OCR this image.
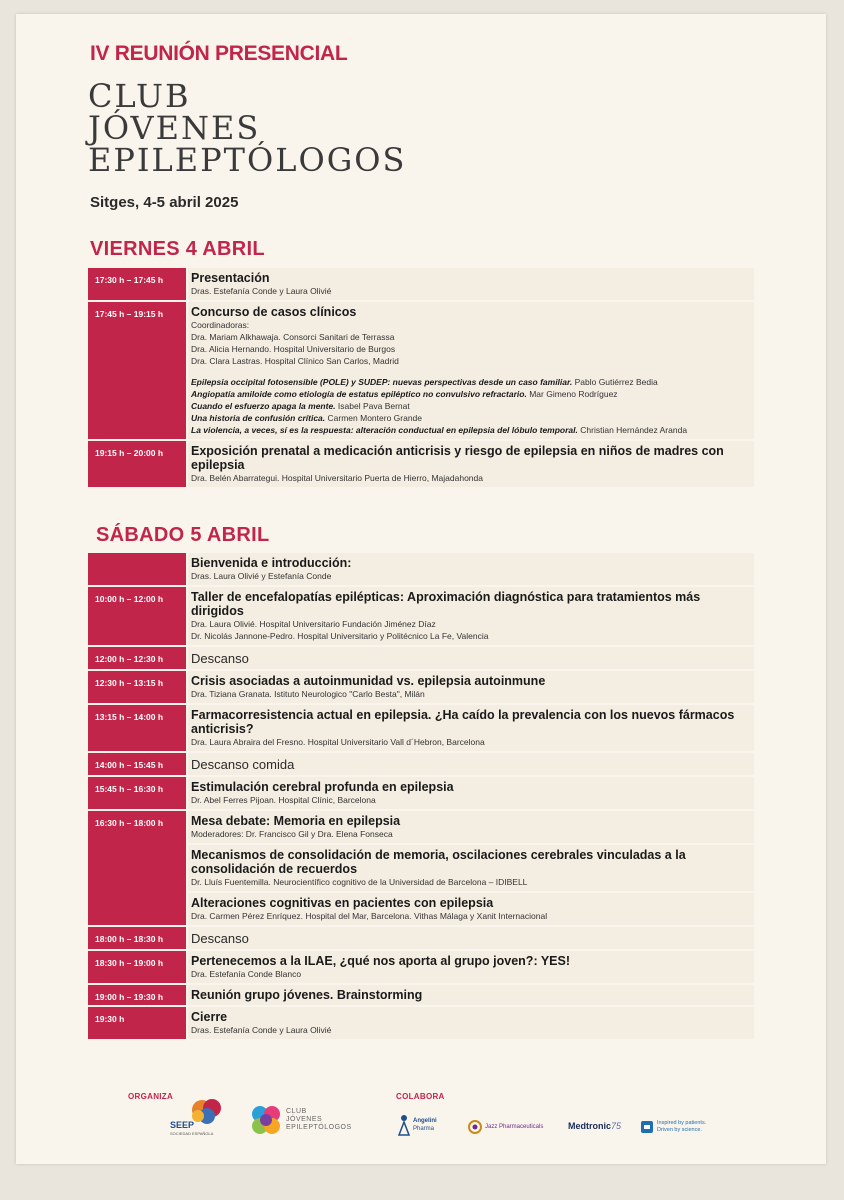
IV REUNIÓN PRESENCIAL
CLUB
JÓVENES
EPILEPTÓLOGOS
Sitges, 4-5 abril 2025
VIERNES 4 ABRIL
17:30 h – 17:45 h	Presentación
Dras. Estefanía Conde y Laura Olivié
17:45 h – 19:15 h	Concurso de casos clínicos
Coordinadoras:
Dra. Mariam Alkhawaja. Consorci Sanitari de Terrassa
Dra. Alicia Hernando. Hospital Universitario de Burgos
Dra. Clara Lastras. Hospital Clínico San Carlos, Madrid
Epilepsia occipital fotosensible (POLE) y SUDEP: nuevas perspectivas desde un caso familiar. Pablo Gutiérrez Bedia
Angiopatía amiloide como etiología de estatus epiléptico no convulsivo refractario. Mar Gimeno Rodríguez
Cuando el esfuerzo apaga la mente. Isabel Pava Bernat
Una historia de confusión crítica. Carmen Montero Grande
La violencia, a veces, sí es la respuesta: alteración conductual en epilepsia del lóbulo temporal. Christian Hernández Aranda
19:15 h – 20:00 h	Exposición prenatal a medicación anticrisis y riesgo de epilepsia en niños de madres con epilepsia
Dra. Belén Abarrategui. Hospital Universitario Puerta de Hierro, Majadahonda
SÁBADO 5 ABRIL
Bienvenida e introducción:
Dras. Laura Olivié y Estefanía Conde
10:00 h – 12:00 h	Taller de encefalopatías epilépticas: Aproximación diagnóstica para tratamientos más dirigidos
Dra. Laura Olivié. Hospital Universitario Fundación Jiménez Díaz
Dr. Nicolás Jannone-Pedro. Hospital Universitario y Politécnico La Fe, Valencia
12:00 h – 12:30 h	Descanso
12:30 h – 13:15 h	Crisis asociadas a autoinmunidad vs. epilepsia autoinmune
Dra. Tiziana Granata. Istituto Neurologico "Carlo Besta", Milán
13:15 h – 14:00 h	Farmacorresistencia actual en epilepsia. ¿Ha caído la prevalencia con los nuevos fármacos anticrisis?
Dra. Laura Abraira del Fresno. Hospital Universitario Vall d´Hebron, Barcelona
14:00 h – 15:45 h	Descanso comida
15:45 h – 16:30 h	Estimulación cerebral profunda en epilepsia
Dr. Abel Ferres Pijoan. Hospital Clínic, Barcelona
16:30 h – 18:00 h	Mesa debate: Memoria en epilepsia
Moderadores: Dr. Francisco Gil y Dra. Elena Fonseca
Mecanismos de consolidación de memoria, oscilaciones cerebrales vinculadas a la consolidación de recuerdos
Dr. Lluís Fuentemilla. Neurocientífico cognitivo de la Universidad de Barcelona – IDIBELL
Alteraciones cognitivas en pacientes con epilepsia
Dra. Carmen Pérez Enríquez. Hospital del Mar, Barcelona. Vithas Málaga y Xanit Internacional
18:00 h – 18:30 h	Descanso
18:30 h – 19:00 h	Pertenecemos a la ILAE, ¿qué nos aporta al grupo joven?: YES!
Dra. Estefanía Conde Blanco
19:00 h – 19:30 h	Reunión grupo jóvenes. Brainstorming
19:30 h	Cierre
Dras. Estefanía Conde y Laura Olivié
ORGANIZA	COLABORA
SEEP
SOCIEDAD ESPAÑOLA
CLUB
JÓVENES
EPILEPTÓLOGOS
Angelini
Pharma	Jazz Pharmaceuticals	Medtronic 75	Inspired by patients.
Driven by science.
